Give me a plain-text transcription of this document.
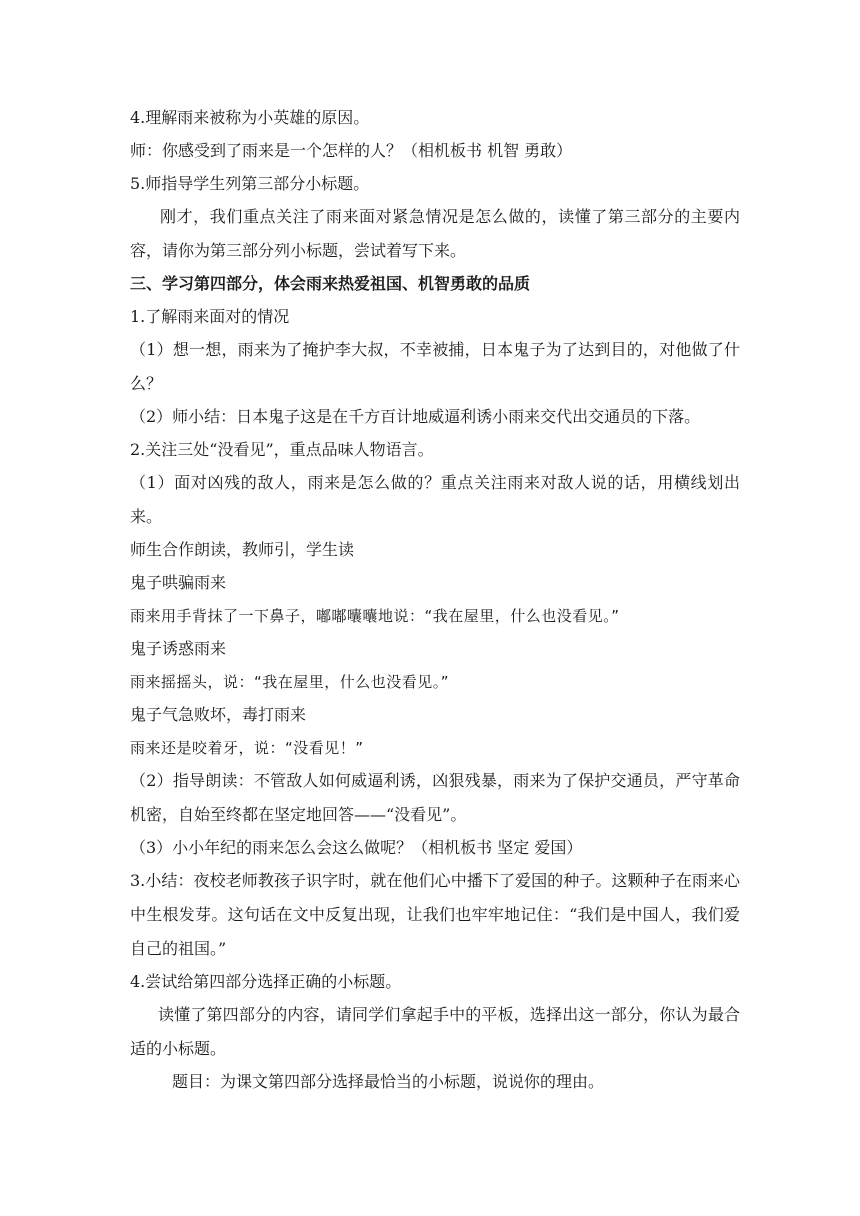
4.理解雨来被称为小英雄的原因。
师：你感受到了雨来是一个怎样的人？（相机板书 机智 勇敢）
5.师指导学生列第三部分小标题。
刚才，我们重点关注了雨来面对紧急情况是怎么做的，读懂了第三部分的主要内容，请你为第三部分列小标题，尝试着写下来。
三、学习第四部分，体会雨来热爱祖国、机智勇敢的品质
1.了解雨来面对的情况
（1）想一想，雨来为了掩护李大叔，不幸被捕，日本鬼子为了达到目的，对他做了什么？
（2）师小结：日本鬼子这是在千方百计地威逼利诱小雨来交代出交通员的下落。
2.关注三处“没看见”，重点品味人物语言。
（1）面对凶残的敌人，雨来是怎么做的？重点关注雨来对敌人说的话，用横线划出来。
师生合作朗读，教师引，学生读
鬼子哄骗雨来
雨来用手背抹了一下鼻子，嘟嘟囔囔地说：“我在屋里，什么也没看见。”
鬼子诱惑雨来
雨来摇摇头，说：“我在屋里，什么也没看见。”
鬼子气急败坏，毒打雨来
雨来还是咬着牙，说：“没看见！”
（2）指导朗读：不管敌人如何威逼利诱，凶狠残暴，雨来为了保护交通员，严守革命机密，自始至终都在坚定地回答——“没看见”。
（3）小小年纪的雨来怎么会这么做呢？（相机板书 坚定 爱国）
3.小结：夜校老师教孩子识字时，就在他们心中播下了爱国的种子。这颗种子在雨来心中生根发芽。这句话在文中反复出现，让我们也牢牢地记住：“我们是中国人，我们爱自己的祖国。”
4.尝试给第四部分选择正确的小标题。
读懂了第四部分的内容，请同学们拿起手中的平板，选择出这一部分，你认为最合适的小标题。
题目：为课文第四部分选择最恰当的小标题，说说你的理由。
